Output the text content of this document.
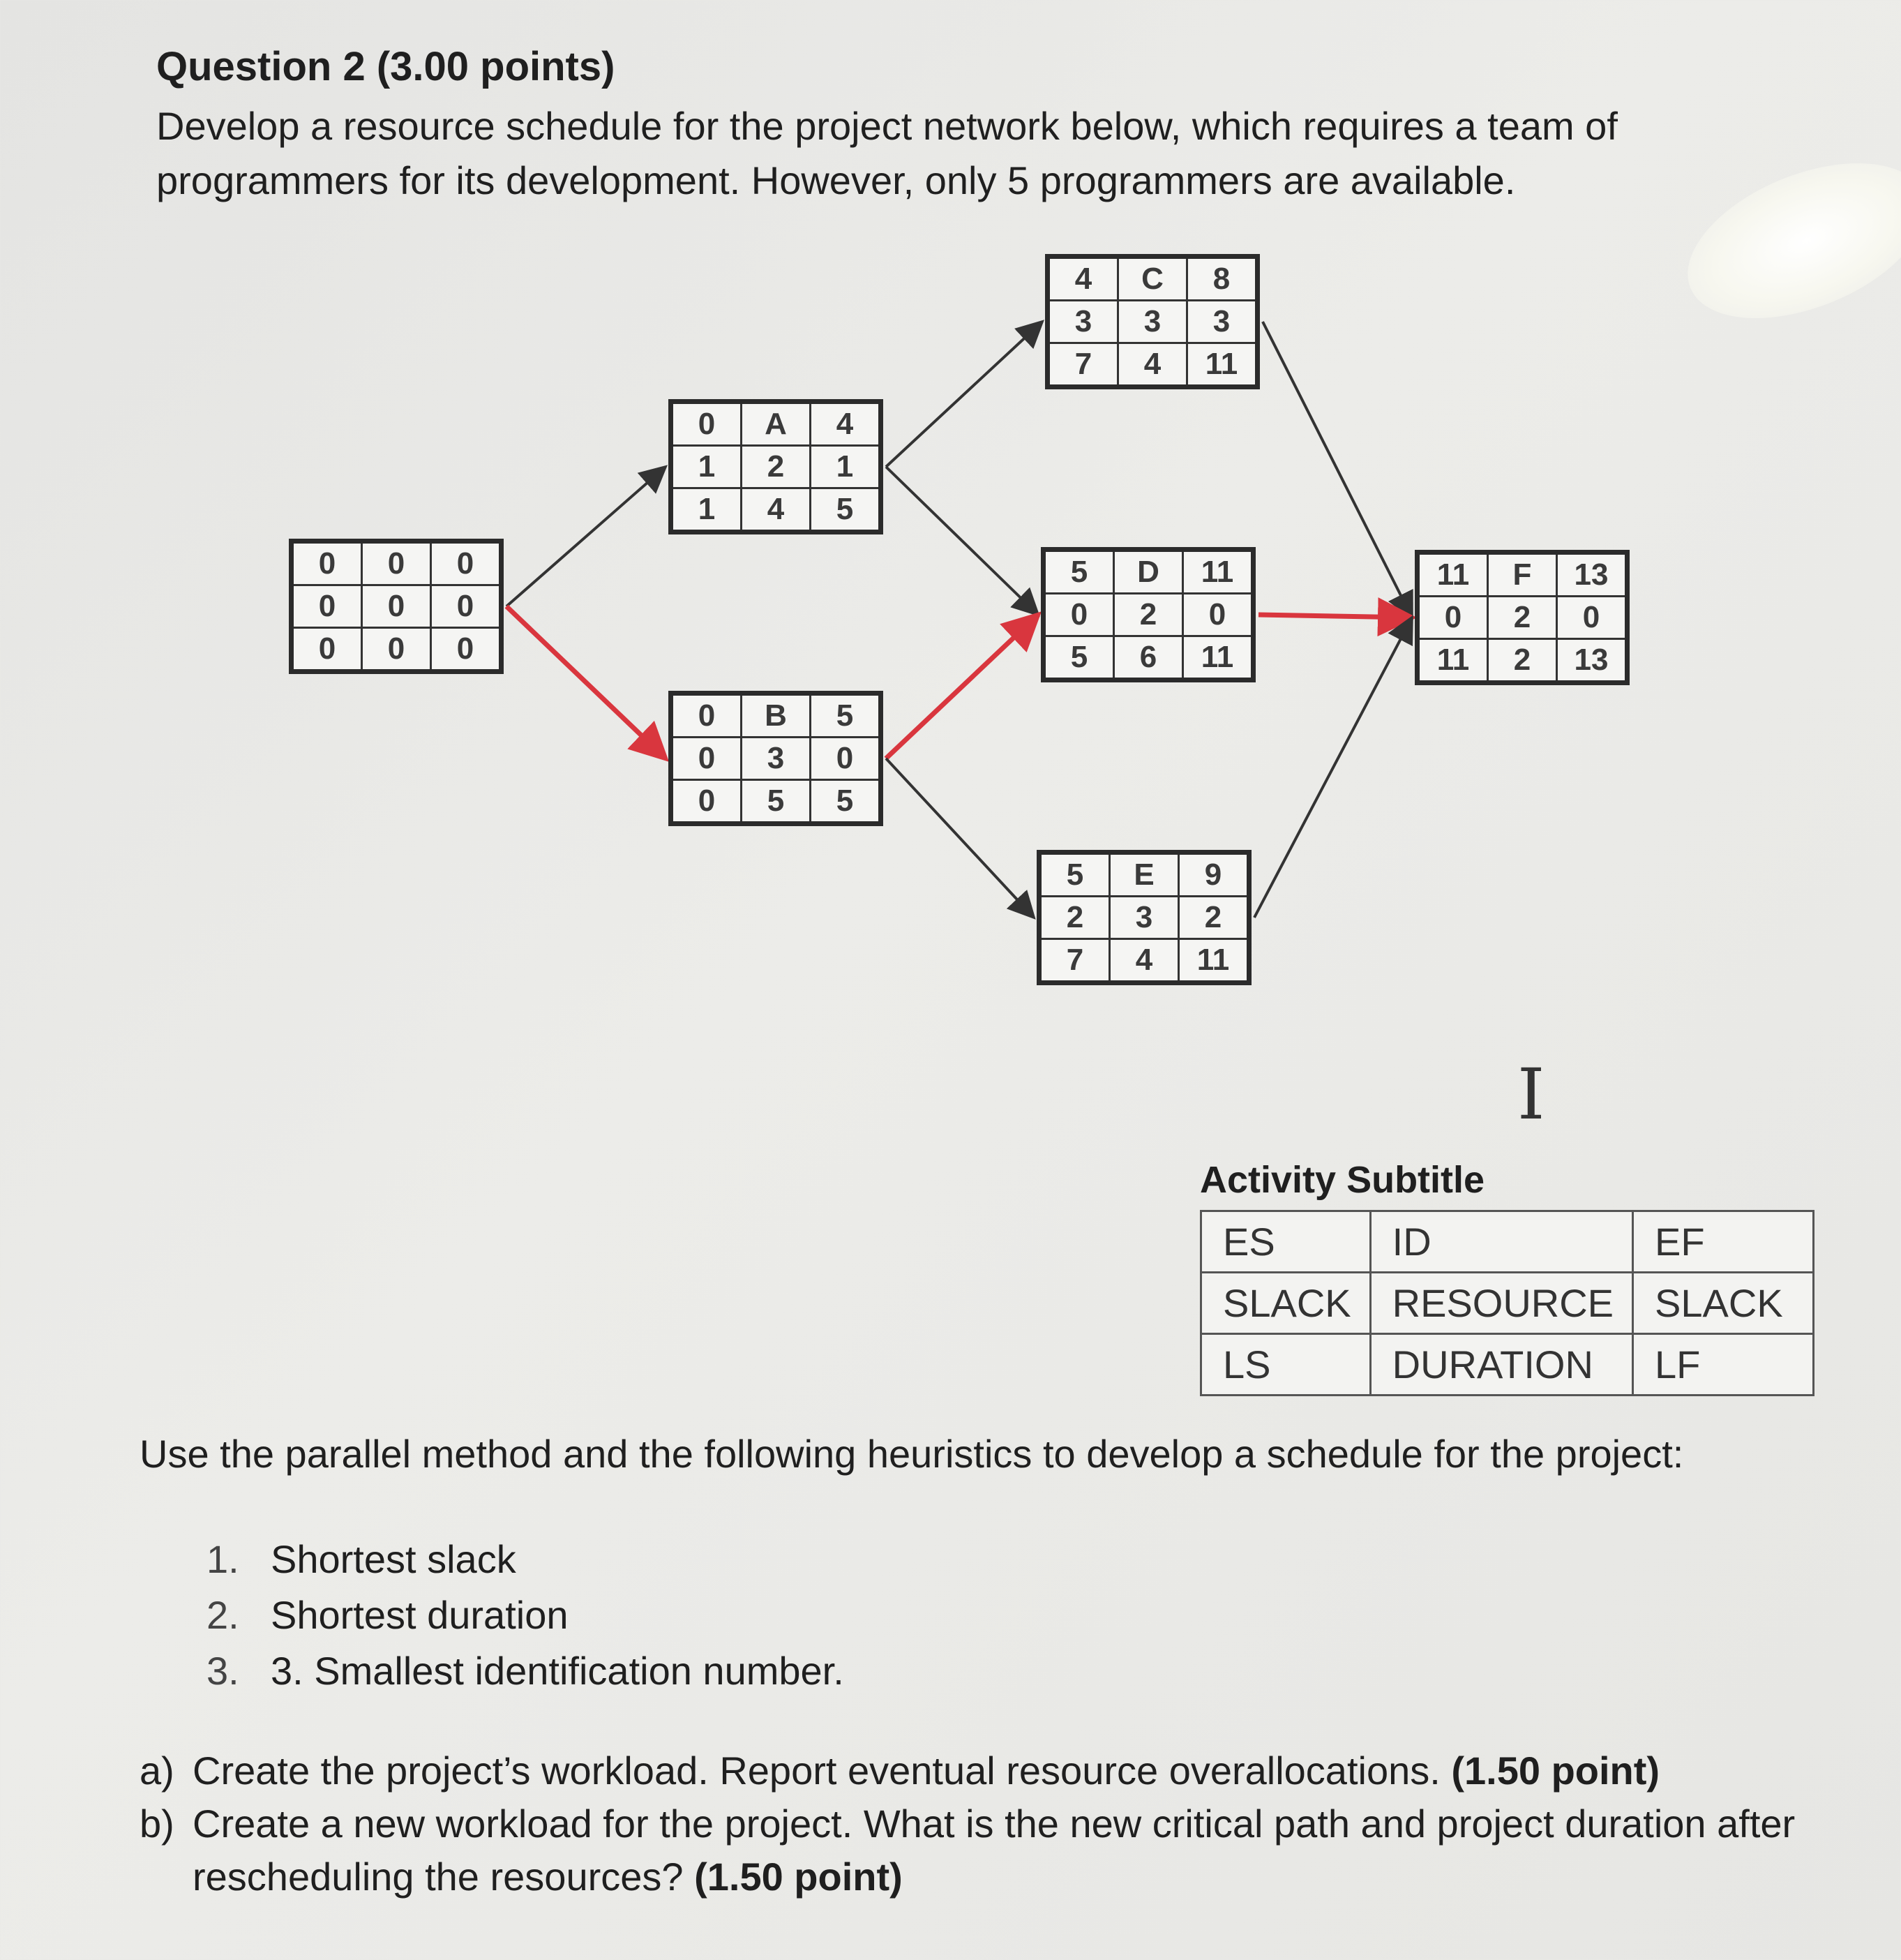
Question 2 (3.00 points)
Develop a resource schedule for the project network below, which requires a team of programmers for its development. However, only 5 programmers are available.
0	0	0
0	0	0
0	0	0
0	A	4
1	2	1
1	4	5
0	B	5
0	3	0
0	5	5
4	C	8
3	3	3
7	4	11
5	D	11
0	2	0
5	6	11
5	E	9
2	3	2
7	4	11
11	F	13
0	2	0
11	2	13
I
Activity Subtitle
ES	ID	EF
SLACK	RESOURCE	SLACK
LS	DURATION	LF
Use the parallel method and the following heuristics to develop a schedule for the project:
1. Shortest slack
2. Shortest duration
3. 3. Smallest identification number.
a) Create the project’s workload. Report eventual resource overallocations. (1.50 point)
b) Create a new workload for the project. What is the new critical path and project duration after rescheduling the resources? (1.50 point)
